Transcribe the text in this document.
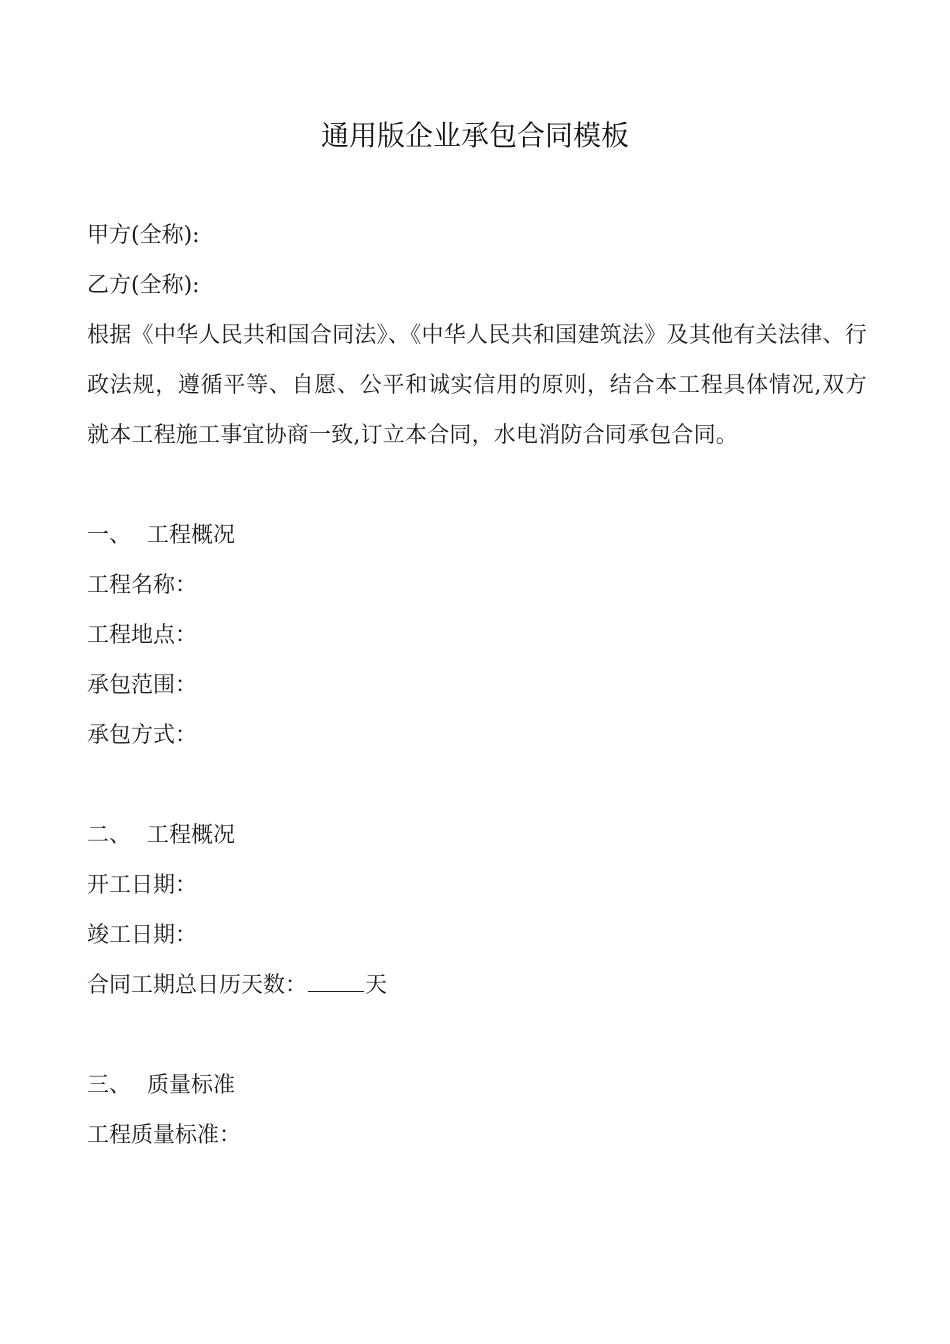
通用版企业承包合同模板

甲方(全称):

乙方(全称):

根据《中华人民共和国合同法》、《中华人民共和国建筑法》及其他有关法律、行政法规，遵循平等、自愿、公平和诚实信用的原则，结合本工程具体情况,双方就本工程施工事宜协商一致,订立本合同，水电消防合同承包合同。

一、 工程概况

工程名称：

工程地点：

承包范围：

承包方式：

二、 工程概况

开工日期：

竣工日期：

合同工期总日历天数：	天

三、 质量标准

工程质量标准：
